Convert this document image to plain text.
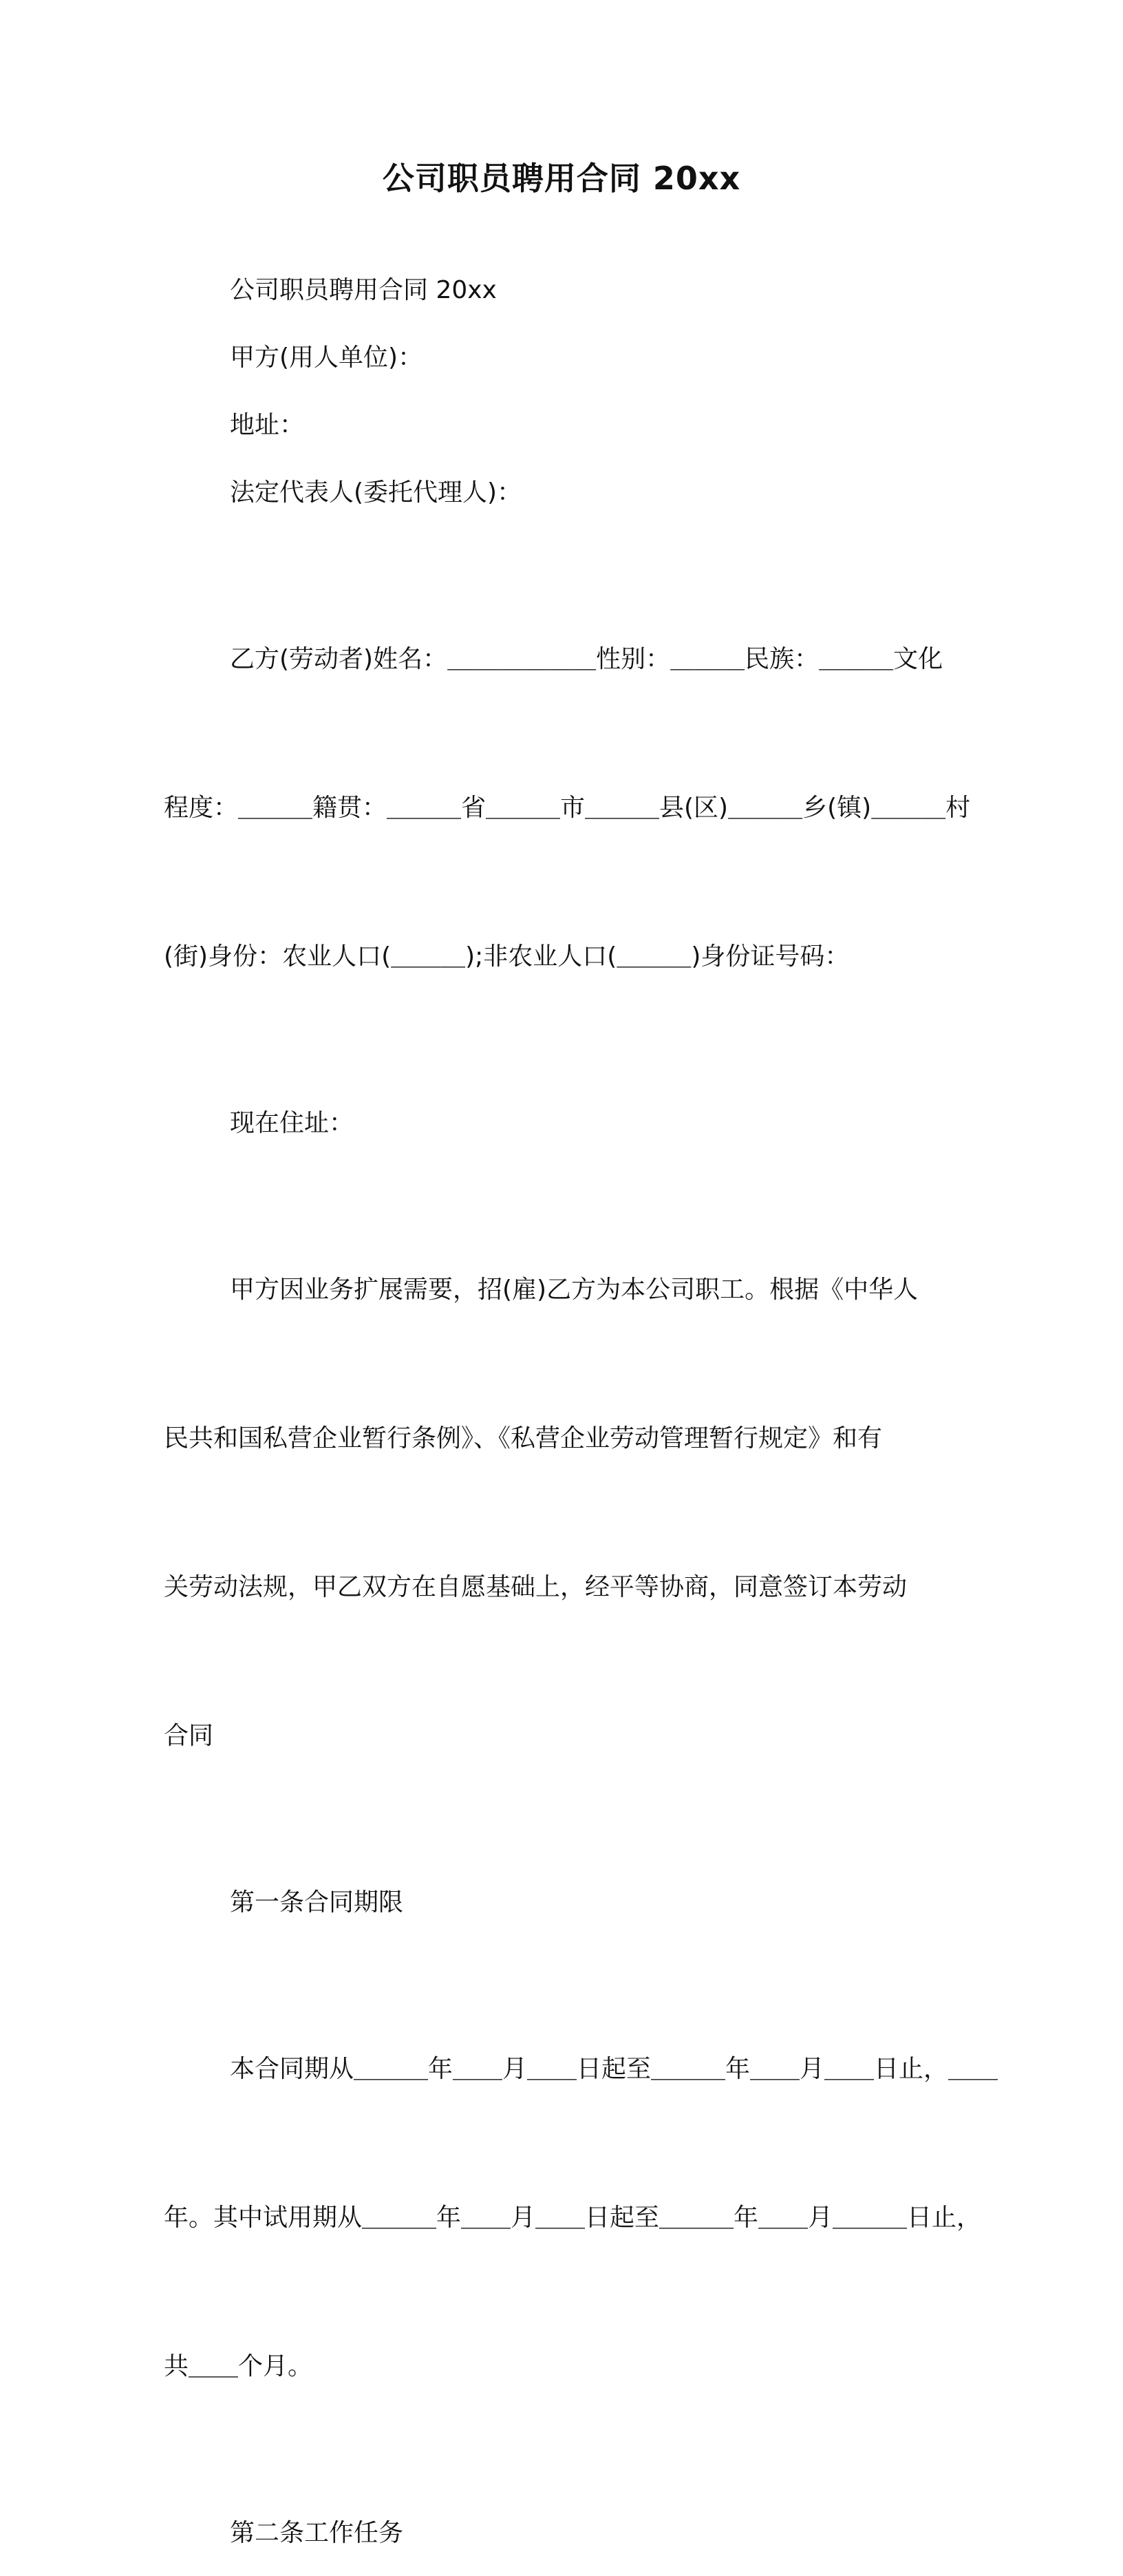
公司职员聘用合同 20xx

公司职员聘用合同 20xx

甲方(用人单位)：

地址：

法定代表人(委托代理人)：

乙方(劳动者)姓名：＿＿＿＿＿＿性别：＿＿＿民族：＿＿＿文化

程度：＿＿＿籍贯：＿＿＿省＿＿＿市＿＿＿县(区)＿＿＿乡(镇)＿＿＿村

(街)身份：农业人口(＿＿＿);非农业人口(＿＿＿)身份证号码：

现在住址：

甲方因业务扩展需要，招(雇)乙方为本公司职工。根据《中华人

民共和国私营企业暂行条例》、《私营企业劳动管理暂行规定》和有

关劳动法规，甲乙双方在自愿基础上，经平等协商，同意签订本劳动

合同

第一条合同期限

本合同期从＿＿＿年＿＿月＿＿日起至＿＿＿年＿＿月＿＿日止，＿＿

年。其中试用期从＿＿＿年＿＿月＿＿日起至＿＿＿年＿＿月＿＿＿日止，

共＿＿个月。

第二条工作任务
